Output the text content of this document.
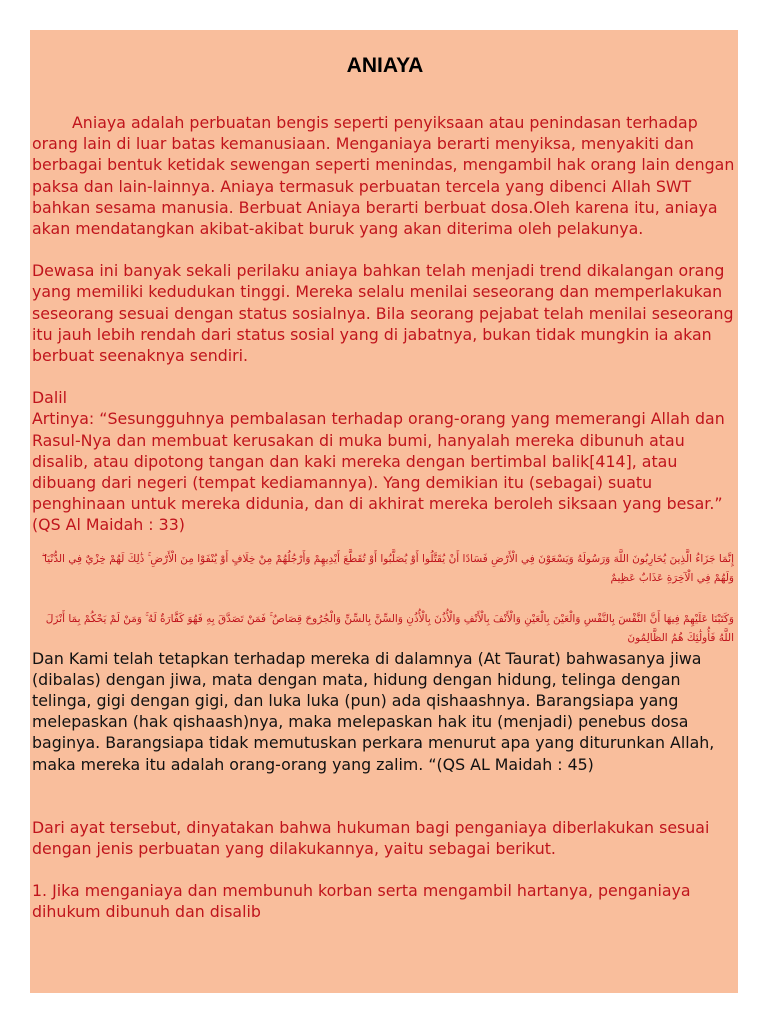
ANIAYA

Aniaya adalah perbuatan bengis seperti penyiksaan atau penindasan terhadap orang lain di luar batas kemanusiaan. Menganiaya berarti menyiksa, menyakiti dan berbagai bentuk ketidak sewengan seperti menindas, mengambil hak orang lain dengan paksa dan lain-lainnya. Aniaya termasuk perbuatan tercela yang dibenci Allah SWT bahkan sesama manusia. Berbuat Aniaya berarti berbuat dosa.Oleh karena itu, aniaya akan mendatangkan akibat-akibat buruk yang akan diterima oleh pelakunya.

Dewasa ini banyak sekali perilaku aniaya bahkan telah menjadi trend dikalangan orang yang memiliki kedudukan tinggi. Mereka selalu menilai seseorang dan memperlakukan seseorang sesuai dengan status sosialnya. Bila seorang pejabat telah menilai seseorang itu jauh lebih rendah dari status sosial yang di jabatnya, bukan tidak mungkin ia akan berbuat seenaknya sendiri.

Dalil

Artinya: “Sesungguhnya pembalasan terhadap orang-orang yang memerangi Allah dan Rasul-Nya dan membuat kerusakan di muka bumi, hanyalah mereka dibunuh atau disalib, atau dipotong tangan dan kaki mereka dengan bertimbal balik[414], atau dibuang dari negeri (tempat kediamannya). Yang demikian itu (sebagai) suatu penghinaan untuk mereka didunia, dan di akhirat mereka beroleh siksaan yang besar.” (QS Al Maidah : 33)

إِنَّمَا جَزَاءُ الَّذِينَ يُحَارِبُونَ اللَّهَ وَرَسُولَهُ وَيَسْعَوْنَ فِي الْأَرْضِ فَسَادًا أَنْ يُقَتَّلُوا أَوْ يُصَلَّبُوا أَوْ تُقَطَّعَ أَيْدِيهِمْ وَأَرْجُلُهُمْ مِنْ خِلَافٍ أَوْ يُنْفَوْا مِنَ الْأَرْضِ ۚ ذَٰلِكَ لَهُمْ خِزْيٌ فِي الدُّنْيَا ۖ وَلَهُمْ فِي الْآخِرَةِ عَذَابٌ عَظِيمٌ

وَكَتَبْنَا عَلَيْهِمْ فِيهَا أَنَّ النَّفْسَ بِالنَّفْسِ وَالْعَيْنَ بِالْعَيْنِ وَالْأَنْفَ بِالْأَنْفِ وَالْأُذُنَ بِالْأُذُنِ وَالسِّنَّ بِالسِّنِّ وَالْجُرُوحَ قِصَاصٌ ۚ فَمَنْ تَصَدَّقَ بِهِ فَهُوَ كَفَّارَةٌ لَهُ ۚ وَمَنْ لَمْ يَحْكُمْ بِمَا أَنْزَلَ اللَّهُ فَأُولَٰئِكَ هُمُ الظَّالِمُونَ

Dan Kami telah tetapkan terhadap mereka di dalamnya (At Taurat) bahwasanya jiwa (dibalas) dengan jiwa, mata dengan mata, hidung dengan hidung, telinga dengan telinga, gigi dengan gigi, dan luka luka (pun) ada qishaashnya. Barangsiapa yang melepaskan (hak qishaash)nya, maka melepaskan hak itu (menjadi) penebus dosa baginya. Barangsiapa tidak memutuskan perkara menurut apa yang diturunkan Allah, maka mereka itu adalah orang-orang yang zalim. “(QS AL Maidah : 45)

Dari ayat tersebut, dinyatakan bahwa hukuman bagi penganiaya diberlakukan sesuai dengan jenis perbuatan yang dilakukannya, yaitu sebagai berikut.

1. Jika menganiaya dan membunuh korban serta mengambil hartanya, penganiaya dihukum dibunuh dan disalib
